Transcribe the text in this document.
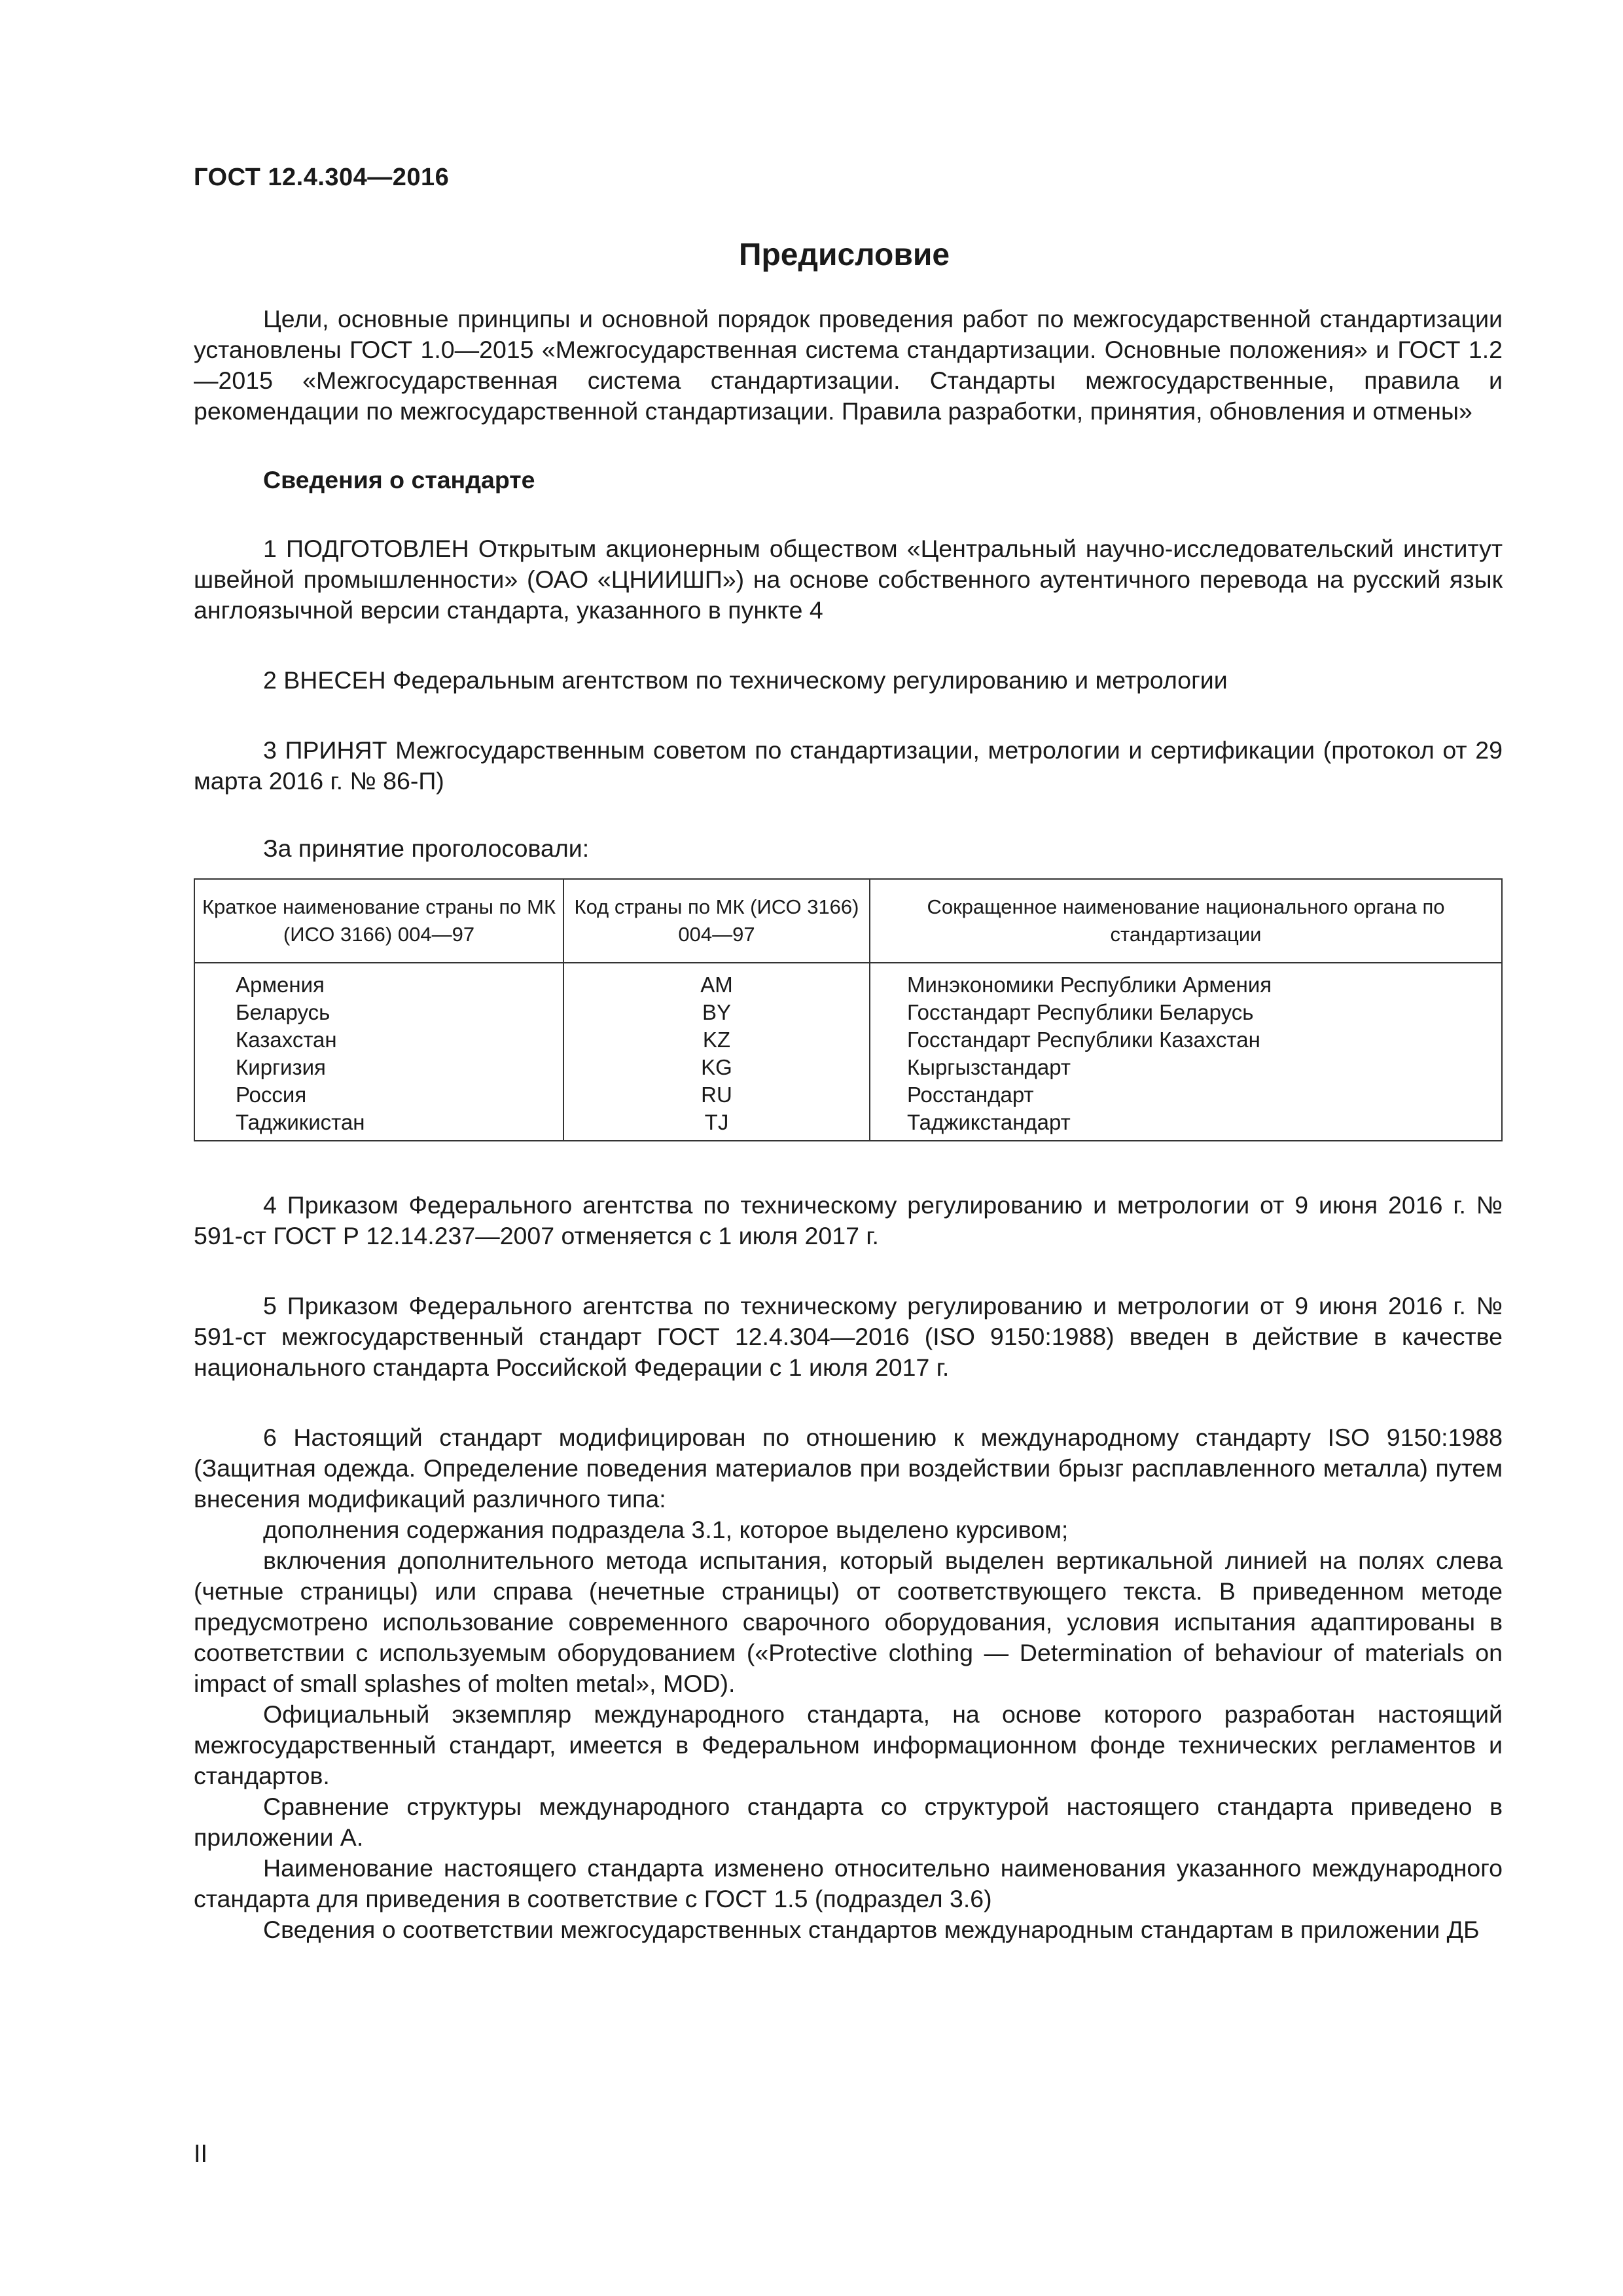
ГОСТ 12.4.304—2016
Предисловие

Цели, основные принципы и основной порядок проведения работ по межгосударственной стандартизации установлены ГОСТ 1.0—2015 «Межгосударственная система стандартизации. Основные положения» и ГОСТ 1.2—2015 «Межгосударственная система стандартизации. Стандарты межгосударственные, правила и рекомендации по межгосударственной стандартизации. Правила разработки, принятия, обновления и отмены»

Сведения о стандарте

1 ПОДГОТОВЛЕН Открытым акционерным обществом «Центральный научно-исследовательский институт швейной промышленности» (ОАО «ЦНИИШП») на основе собственного аутентичного перевода на русский язык англоязычной версии стандарта, указанного в пункте 4

2 ВНЕСЕН Федеральным агентством по техническому регулированию и метрологии

3 ПРИНЯТ Межгосударственным советом по стандартизации, метрологии и сертификации (протокол от 29 марта 2016 г. № 86-П)

За принятие проголосовали:

Краткое наименование страны по МК (ИСО 3166) 004—97	Код страны по МК (ИСО 3166) 004—97	Сокращенное наименование национального органа по стандартизации
Армения	AM	Минэкономики Республики Армения
Беларусь	BY	Госстандарт Республики Беларусь
Казахстан	KZ	Госстандарт Республики Казахстан
Киргизия	KG	Кыргызстандарт
Россия	RU	Росстандарт
Таджикистан	TJ	Таджикстандарт

4 Приказом Федерального агентства по техническому регулированию и метрологии от 9 июня 2016 г. № 591-ст ГОСТ Р 12.14.237—2007 отменяется с 1 июля 2017 г.

5 Приказом Федерального агентства по техническому регулированию и метрологии от 9 июня 2016 г. № 591-ст межгосударственный стандарт ГОСТ 12.4.304—2016 (ISO 9150:1988) введен в действие в качестве национального стандарта Российской Федерации с 1 июля 2017 г.

6 Настоящий стандарт модифицирован по отношению к международному стандарту ISO 9150:1988 (Защитная одежда. Определение поведения материалов при воздействии брызг расплавленного металла) путем внесения модификаций различного типа:

дополнения содержания подраздела 3.1, которое выделено курсивом;

включения дополнительного метода испытания, который выделен вертикальной линией на полях слева (четные страницы) или справа (нечетные страницы) от соответствующего текста. В приведенном методе предусмотрено использование современного сварочного оборудования, условия испытания адаптированы в соответствии с используемым оборудованием («Protective clothing — Determination of behaviour of materials on impact of small splashes of molten metal», MOD).

Официальный экземпляр международного стандарта, на основе которого разработан настоящий межгосударственный стандарт, имеется в Федеральном информационном фонде технических регламентов и стандартов.

Сравнение структуры международного стандарта со структурой настоящего стандарта приведено в приложении А.

Наименование настоящего стандарта изменено относительно наименования указанного международного стандарта для приведения в соответствие с ГОСТ 1.5 (подраздел 3.6)

Сведения о соответствии межгосударственных стандартов международным стандартам в приложении ДБ

II
